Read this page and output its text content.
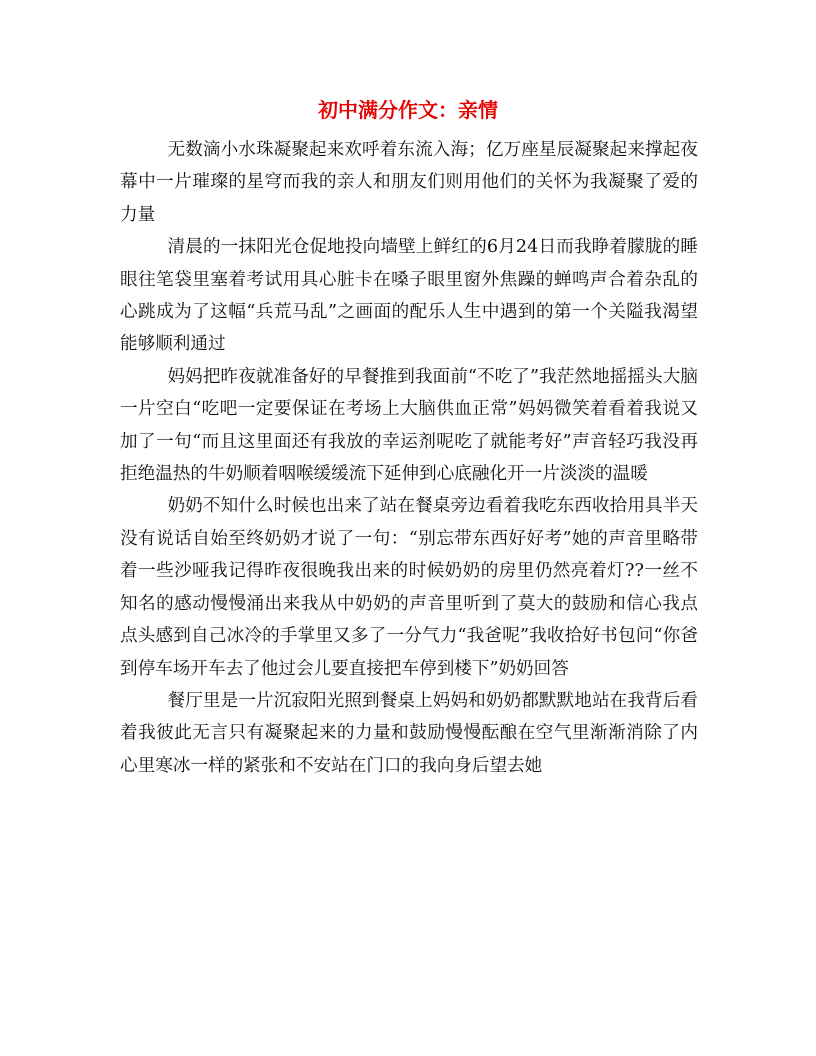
初中满分作文：亲情

无数滴小水珠凝聚起来欢呼着东流入海；亿万座星辰凝聚起来撑起夜幕中一片璀璨的星穹而我的亲人和朋友们则用他们的关怀为我凝聚了爱的力量

清晨的一抹阳光仓促地投向墙壁上鲜红的6月24日而我睁着朦胧的睡眼往笔袋里塞着考试用具心脏卡在嗓子眼里窗外焦躁的蝉鸣声合着杂乱的心跳成为了这幅“兵荒马乱”之画面的配乐人生中遇到的第一个关隘我渴望能够顺利通过

妈妈把昨夜就准备好的早餐推到我面前“不吃了”我茫然地摇摇头大脑一片空白“吃吧一定要保证在考场上大脑供血正常”妈妈微笑着看着我说又加了一句“而且这里面还有我放的幸运剂呢吃了就能考好”声音轻巧我没再拒绝温热的牛奶顺着咽喉缓缓流下延伸到心底融化开一片淡淡的温暖

奶奶不知什么时候也出来了站在餐桌旁边看着我吃东西收拾用具半天没有说话自始至终奶奶才说了一句：“别忘带东西好好考”她的声音里略带着一些沙哑我记得昨夜很晚我出来的时候奶奶的房里仍然亮着灯??一丝不知名的感动慢慢涌出来我从中奶奶的声音里听到了莫大的鼓励和信心我点点头感到自己冰冷的手掌里又多了一分气力“我爸呢”我收拾好书包问“你爸到停车场开车去了他过会儿要直接把车停到楼下”奶奶回答

餐厅里是一片沉寂阳光照到餐桌上妈妈和奶奶都默默地站在我背后看着我彼此无言只有凝聚起来的力量和鼓励慢慢酝酿在空气里渐渐消除了内心里寒冰一样的紧张和不安站在门口的我向身后望去她
